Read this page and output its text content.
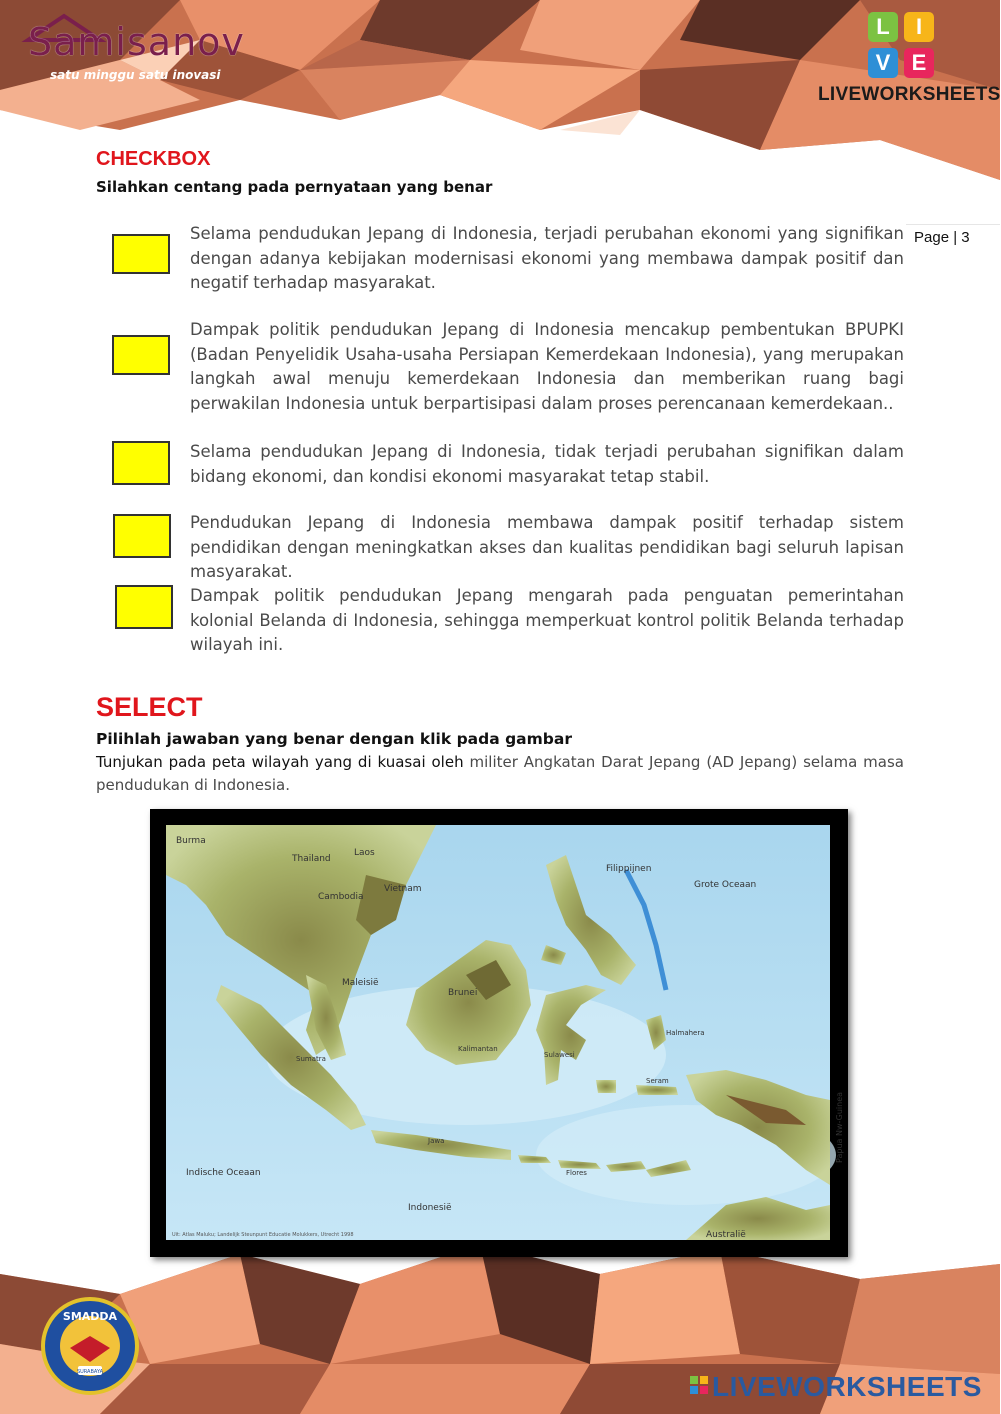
Samisanov
satu minggu satu inovasi
L	I
V E
LIVEWORKSHEETS
CHECKBOX
Silahkan centang pada pernyataan yang benar
Page | 3
Selama pendudukan Jepang di Indonesia, terjadi perubahan ekonomi yang signifikan dengan adanya kebijakan modernisasi ekonomi yang membawa dampak positif dan negatif terhadap masyarakat.
Dampak politik pendudukan Jepang di Indonesia mencakup pembentukan BPUPKI (Badan Penyelidik Usaha-usaha Persiapan Kemerdekaan Indonesia), yang merupakan langkah awal menuju kemerdekaan Indonesia dan memberikan ruang bagi perwakilan Indonesia untuk berpartisipasi dalam proses perencanaan kemerdekaan..
Selama pendudukan Jepang di Indonesia, tidak terjadi perubahan signifikan dalam bidang ekonomi, dan kondisi ekonomi masyarakat tetap stabil.
Pendudukan Jepang di Indonesia membawa dampak positif terhadap sistem pendidikan dengan meningkatkan akses dan kualitas pendidikan bagi seluruh lapisan masyarakat.
Dampak politik pendudukan Jepang mengarah pada penguatan pemerintahan kolonial Belanda di Indonesia, sehingga memperkuat kontrol politik Belanda terhadap wilayah ini.
SELECT
Pilihlah jawaban yang benar dengan klik pada gambar
Tunjukan pada peta wilayah yang di kuasai oleh militer Angkatan Darat Jepang (AD Jepang) selama masa pendudukan di Indonesia.
Burma
Thailand
Laos
Vietnam
Cambodia
Filippijnen
Grote Oceaan
Maleisië
Brunei
Sumatra
Kalimantan
Sulawesi
Halmahera
Seram
Jawa
Flores
Indische Oceaan
Indonesië
Australië
Papua Nw-Guinea
Uit: Atlas Maluku; Landelijk Steunpunt Educatie Molukkers, Utrecht 1998
SMADDA
SURABAYA	LIVEWORKSHEETS
